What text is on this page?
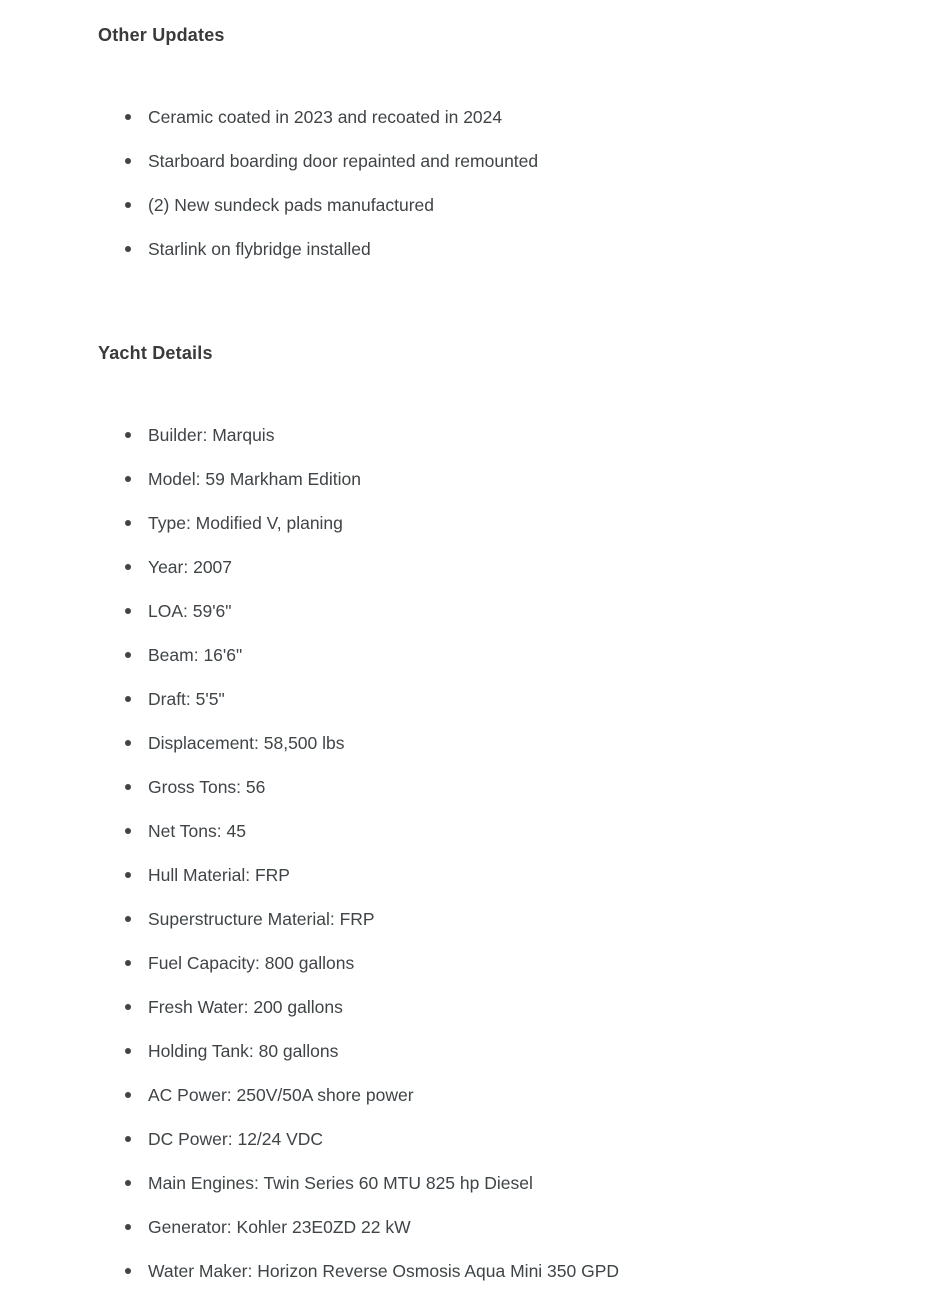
Other Updates
Ceramic coated in 2023 and recoated in 2024
Starboard boarding door repainted and remounted
(2) New sundeck pads manufactured
Starlink on flybridge installed
Yacht Details
Builder: Marquis
Model: 59 Markham Edition
Type: Modified V, planing
Year: 2007
LOA: 59'6"
Beam: 16'6"
Draft: 5'5"
Displacement: 58,500 lbs
Gross Tons: 56
Net Tons: 45
Hull Material: FRP
Superstructure Material: FRP
Fuel Capacity: 800 gallons
Fresh Water: 200 gallons
Holding Tank: 80 gallons
AC Power: 250V/50A shore power
DC Power: 12/24 VDC
Main Engines: Twin Series 60 MTU 825 hp Diesel
Generator: Kohler 23E0ZD 22 kW
Water Maker: Horizon Reverse Osmosis Aqua Mini 350 GPD
